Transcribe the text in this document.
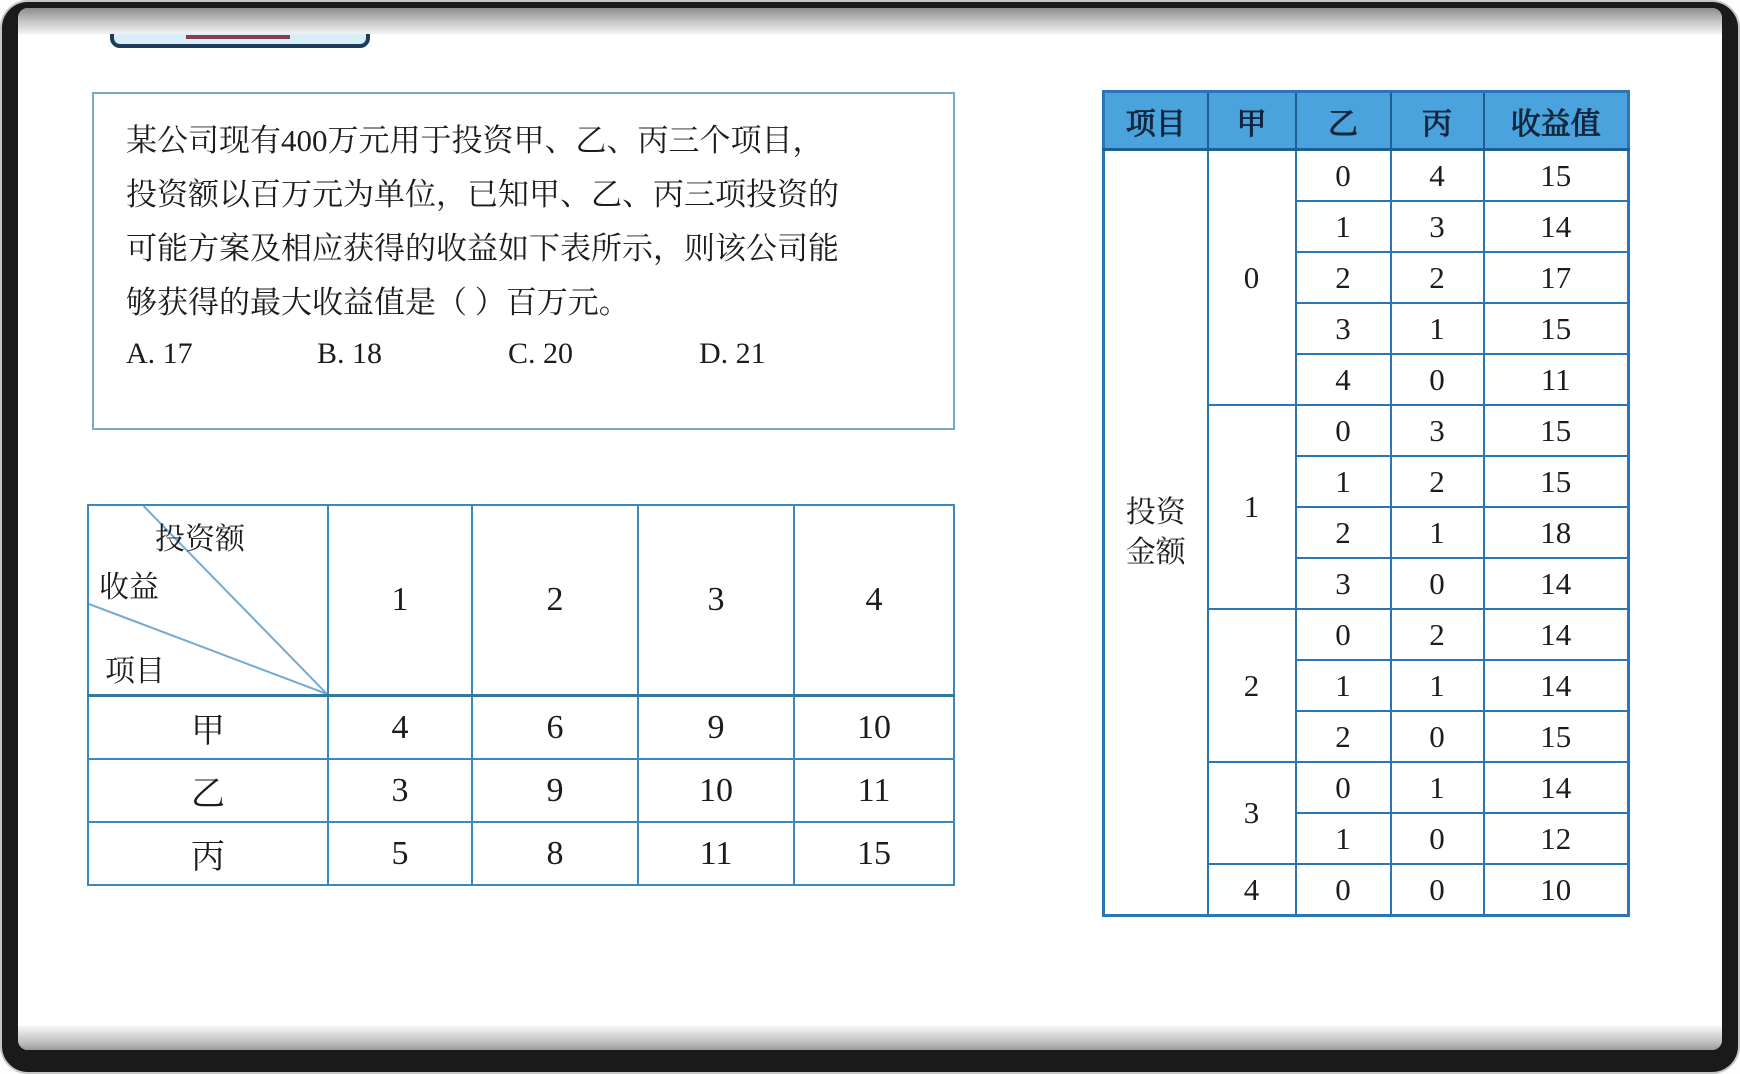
某公司现有400万元用于投资甲、乙、丙三个项目，
投资额以百万元为单位，已知甲、乙、丙三项投资的
可能方案及相应获得的收益如下表所示，则该公司能
够获得的最大收益值是（ ）百万元。
A. 17	B. 18	C. 20	D. 21
投资额
收益
项目	1	2	3	4
甲	4	6	9	10
乙	3	9	10	11
丙	5	8	11	15
项目	甲	乙	丙	收益值

投资
金额	0	0	4	15
		1	3	14
		2	2	17
		3	1	15
		4	0	11
	1	0	3	15
		1	2	15
		2	1	18
		3	0	14
	2	0	2	14
		1	1	14
		2	0	15
	3	0	1	14
		1	0	12
	4	0	0	10
